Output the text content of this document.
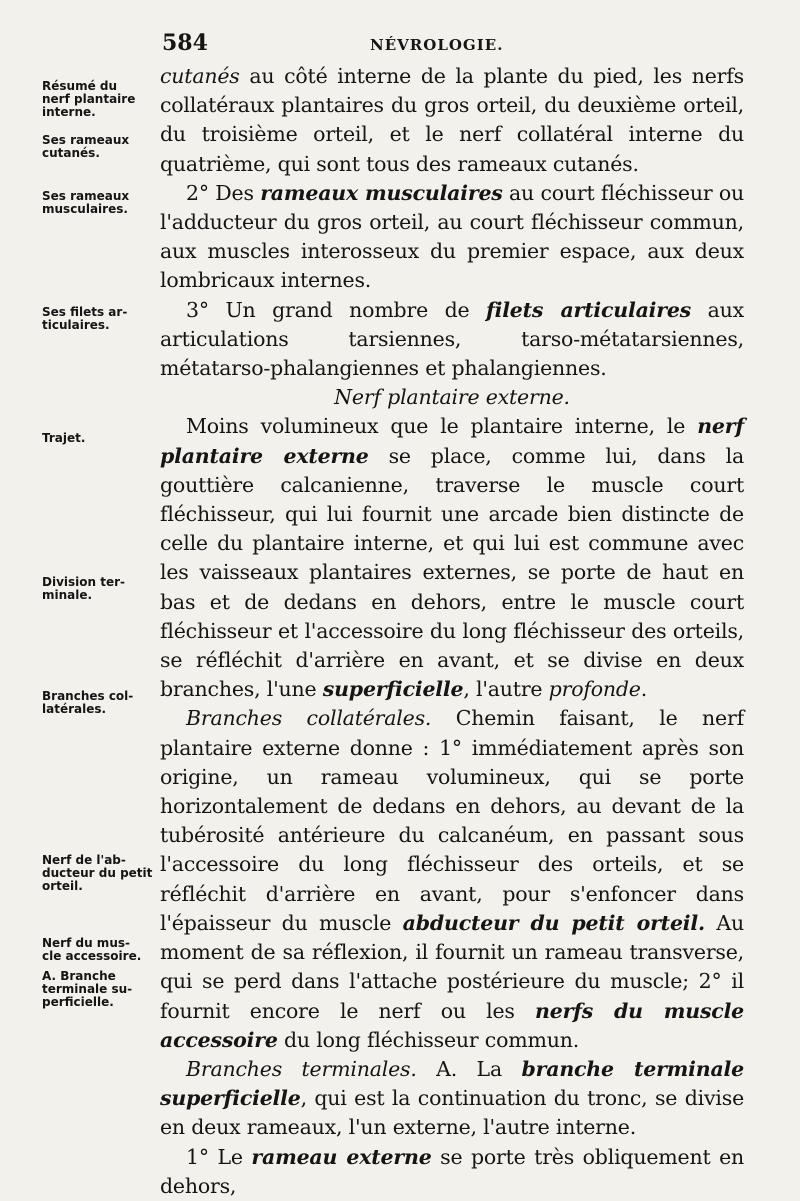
584	NÉVROLOGIE.
Résumé du
nerf plantaire
interne.
Ses rameaux
cutanés.
Ses rameaux
musculaires.
Ses filets ar-
ticulaires.
Trajet.
Division ter-
minale.
Branches col-
latérales.
Nerf de l'ab-
ducteur du petit
orteil.
Nerf du mus-
cle accessoire.
A. Branche
terminale su-
perficielle.

cutanés au côté interne de la plante du pied, les nerfs collatéraux plantaires du gros orteil, du deuxième orteil, du troisième orteil, et le nerf collatéral interne du quatrième, qui sont tous des rameaux cutanés.

2° Des rameaux musculaires au court fléchisseur ou l'adducteur du gros orteil, au court fléchisseur commun, aux muscles interosseux du premier espace, aux deux lombricaux internes.

3° Un grand nombre de filets articulaires aux articulations tarsiennes, tarso-métatarsiennes, métatarso-phalangiennes et phalangiennes.

Nerf plantaire externe.

Moins volumineux que le plantaire interne, le nerf plantaire externe se place, comme lui, dans la gouttière calcanienne, traverse le muscle court fléchisseur, qui lui fournit une arcade bien distincte de celle du plantaire interne, et qui lui est commune avec les vaisseaux plantaires externes, se porte de haut en bas et de dedans en dehors, entre le muscle court fléchisseur et l'accessoire du long fléchisseur des orteils, se réfléchit d'arrière en avant, et se divise en deux branches, l'une superficielle, l'autre profonde.

Branches collatérales. Chemin faisant, le nerf plantaire externe donne : 1° immédiatement après son origine, un rameau volumineux, qui se porte horizontalement de dedans en dehors, au devant de la tubérosité antérieure du calcanéum, en passant sous l'accessoire du long fléchisseur des orteils, et se réfléchit d'arrière en avant, pour s'enfoncer dans l'épaisseur du muscle abducteur du petit orteil. Au moment de sa réflexion, il fournit un rameau transverse, qui se perd dans l'attache postérieure du muscle; 2° il fournit encore le nerf ou les nerfs du muscle accessoire du long fléchisseur commun.

Branches terminales. A. La branche terminale superficielle, qui est la continuation du tronc, se divise en deux rameaux, l'un externe, l'autre interne.

1° Le rameau externe se porte très obliquement en dehors,
